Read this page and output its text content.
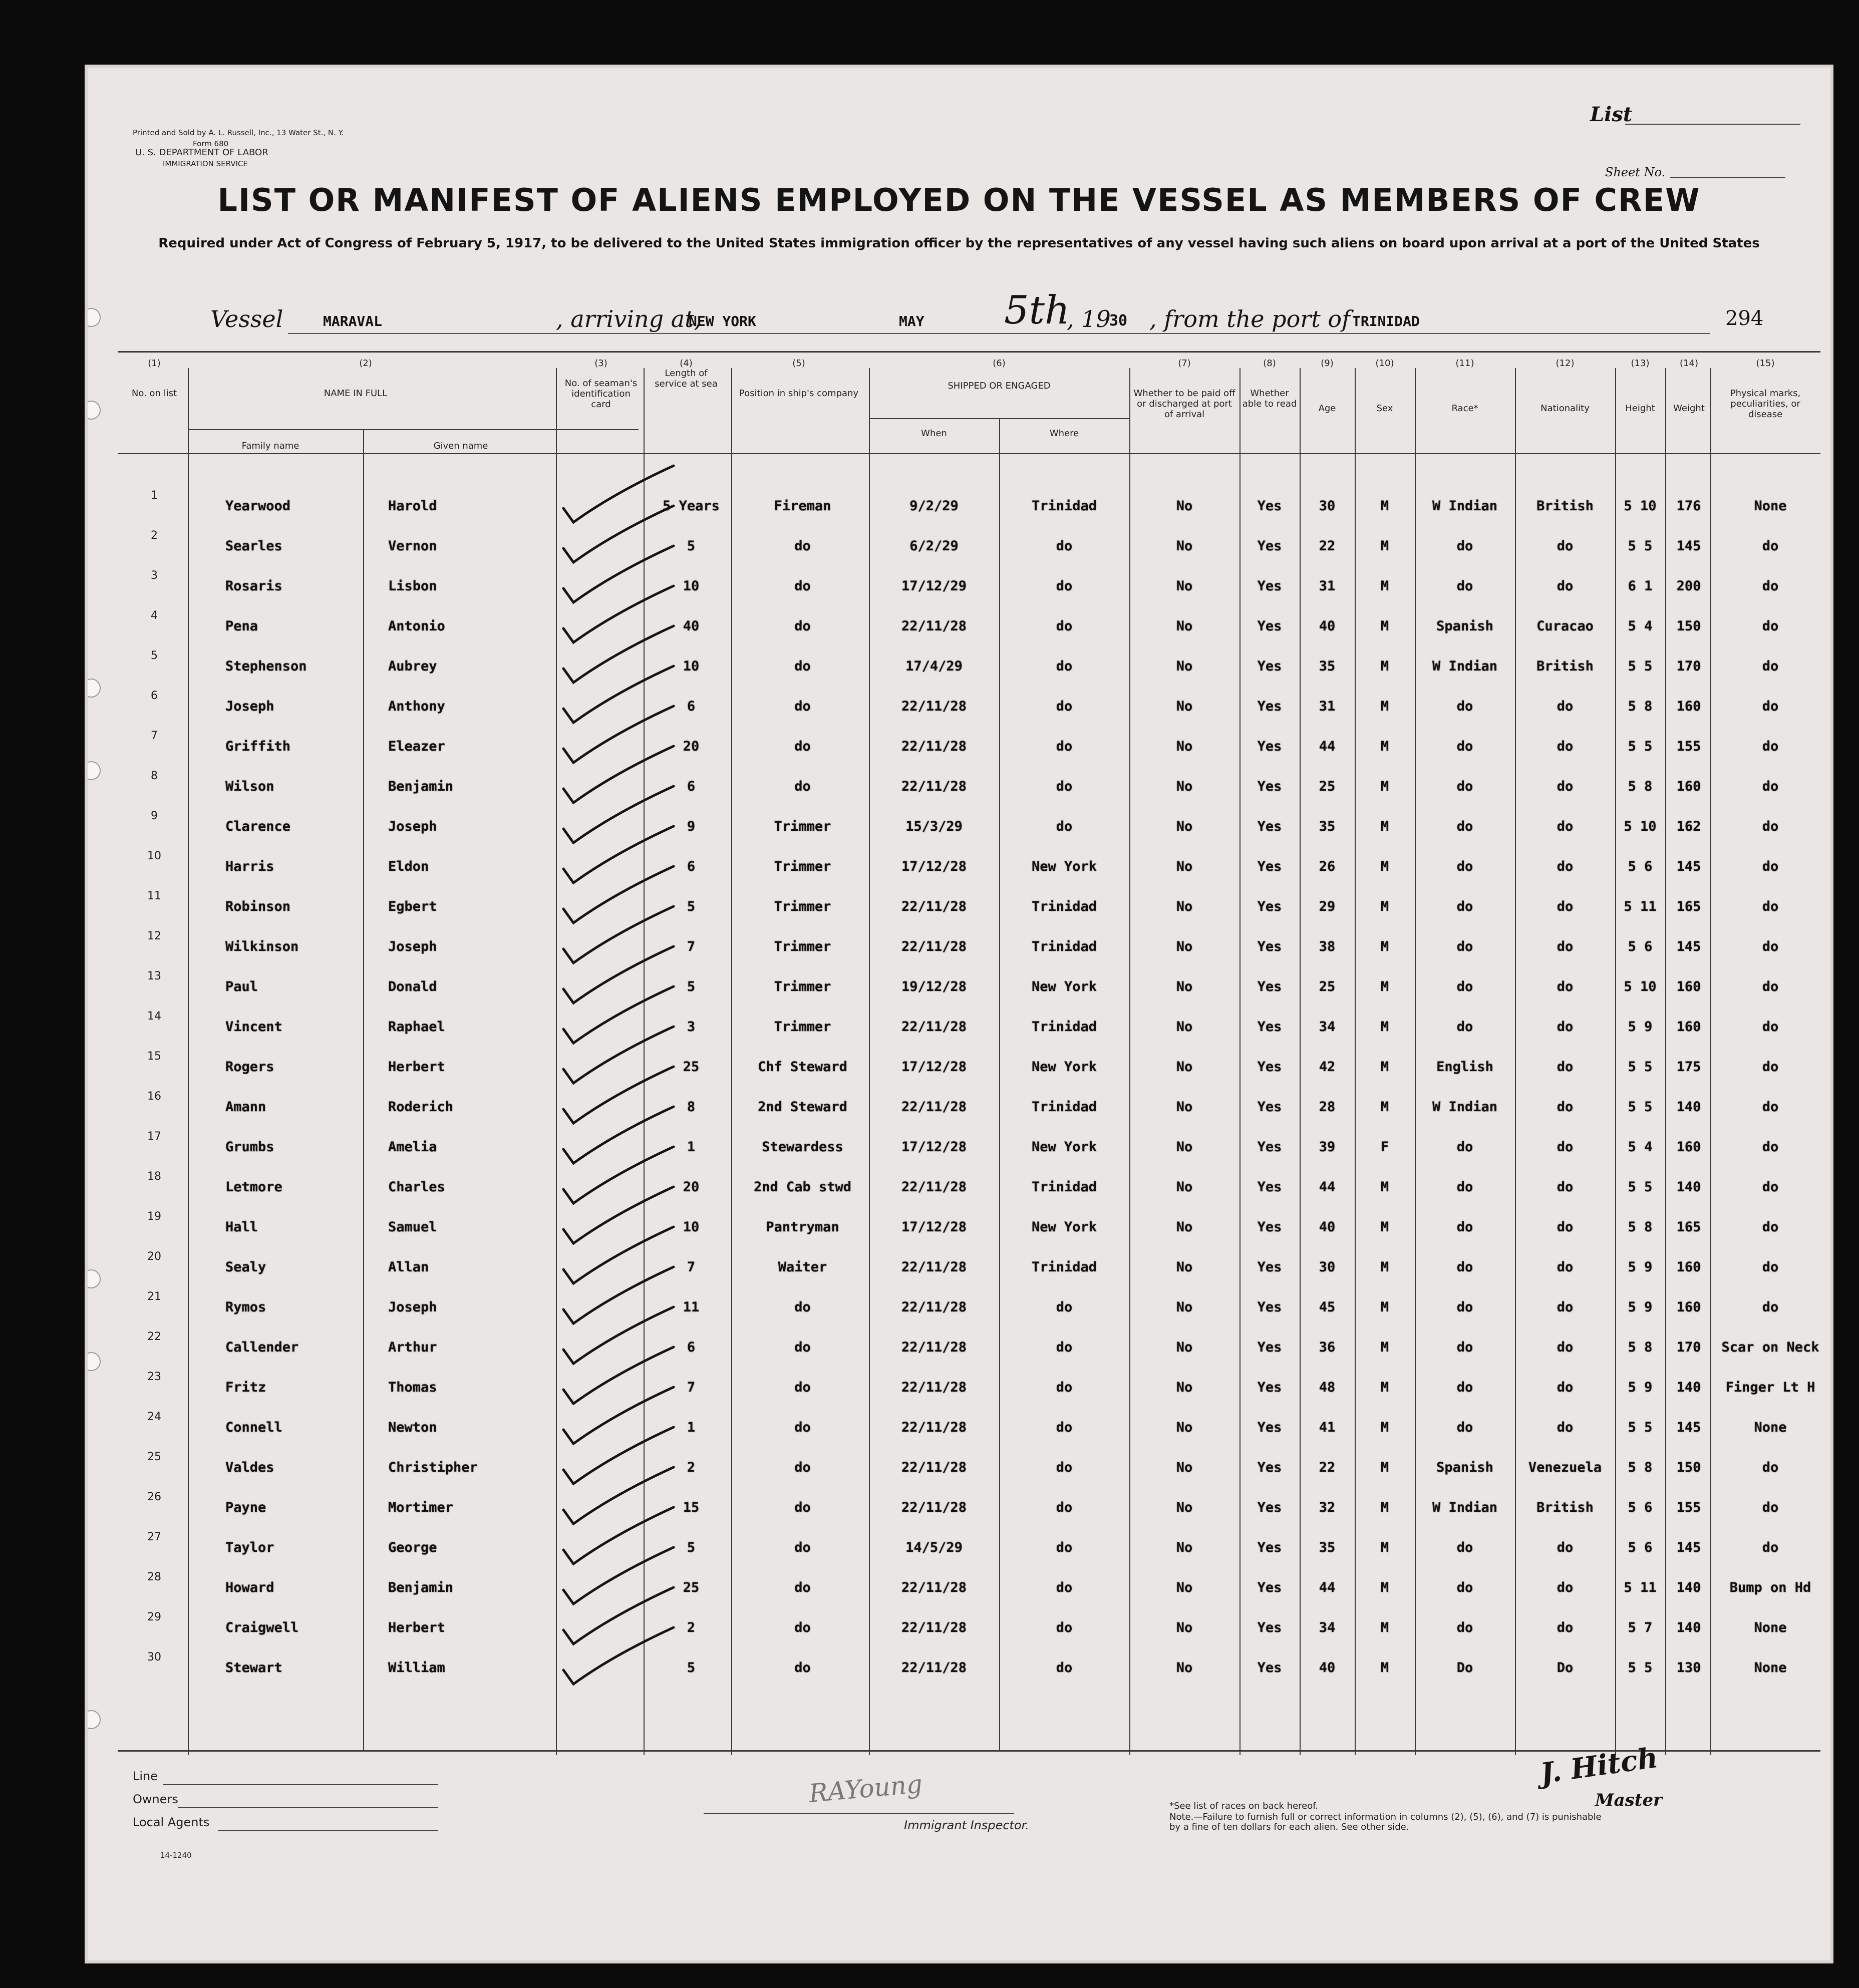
Printed and Sold by A. L. Russell, Inc., 13 Water St., N. Y.
Form 680
U. S. DEPARTMENT OF LABOR
IMMIGRATION SERVICE
List
Sheet No.
LIST OR MANIFEST OF ALIENS EMPLOYED ON THE VESSEL AS MEMBERS OF CREW
Required under Act of Congress of February 5, 1917, to be delivered to the United States immigration officer by the representatives of any vessel having such aliens on board upon arrival at a port of the United States
Vessel	MARAVAL	, arriving at,
NEW YORK	MAY 5th
, 19
30 , from the port of TRINIDAD	294
No. on list	NAME IN FULL
Family name	Given name
No. of seaman's identification card
Length of service at sea
Position in ship's company
SHIPPED OR ENGAGED
When	Where
Whether to be paid off or discharged at port of arrival
Whether able to read	Age	Sex	Race*	Nationality	Height	Weight
Physical marks, peculiarities, or disease
(1)	(2)	(3)	(4)	(5)	(6)	(7)	(8)	(9)	(10)	(11)	(12)	(13)	(14)	(15)
1
Yearwood	Harold	5 Years	Fireman	9/2/29	Trinidad	No	Yes	30	M	W Indian	British	5 10	176	None
2
Searles	Vernon	5	do	6/2/29	do	No	Yes	22	M	do	do	5 5	145	do
3
Rosaris	Lisbon	10	do	17/12/29	do	No	Yes	31	M	do	do	6 1	200	do
4
Pena	Antonio	40	do	22/11/28	do	No	Yes	40	M	Spanish	Curacao	5 4	150	do
5
Stephenson	Aubrey	10	do	17/4/29	do	No	Yes	35	M	W Indian	British	5 5	170	do
6
Joseph	Anthony	6	do	22/11/28	do	No	Yes	31	M	do	do	5 8	160	do
7
Griffith	Eleazer	20	do	22/11/28	do	No	Yes	44	M	do	do	5 5	155	do
8
Wilson	Benjamin	6	do	22/11/28	do	No	Yes	25	M	do	do	5 8	160	do
9
Clarence	Joseph	9	Trimmer	15/3/29	do	No	Yes	35	M	do	do	5 10	162	do
10
Harris	Eldon	6	Trimmer	17/12/28	New York	No	Yes	26	M	do	do	5 6	145	do
11
Robinson	Egbert	5	Trimmer	22/11/28	Trinidad	No	Yes	29	M	do	do	5 11	165	do
12
Wilkinson	Joseph	7	Trimmer	22/11/28	Trinidad	No	Yes	38	M	do	do	5 6	145	do
13
Paul	Donald	5	Trimmer	19/12/28	New York	No	Yes	25	M	do	do	5 10	160	do
14
Vincent	Raphael	3	Trimmer	22/11/28	Trinidad	No	Yes	34	M	do	do	5 9	160	do
15
Rogers	Herbert	25	Chf Steward	17/12/28	New York	No	Yes	42	M	English	do	5 5	175	do
16
Amann	Roderich	8	2nd Steward	22/11/28	Trinidad	No	Yes	28	M	W Indian	do	5 5	140	do
17
Grumbs	Amelia	1	Stewardess	17/12/28	New York	No	Yes	39	F	do	do	5 4	160	do
18
Letmore	Charles	20	2nd Cab stwd	22/11/28	Trinidad	No	Yes	44	M	do	do	5 5	140	do
19
Hall	Samuel	10	Pantryman	17/12/28	New York	No	Yes	40	M	do	do	5 8	165	do
20
Sealy	Allan	7	Waiter	22/11/28	Trinidad	No	Yes	30	M	do	do	5 9	160	do
21
Rymos	Joseph	11	do	22/11/28	do	No	Yes	45	M	do	do	5 9	160	do
22
Callender	Arthur	6	do	22/11/28	do	No	Yes	36	M	do	do	5 8	170	Scar on Neck
23
Fritz	Thomas	7	do	22/11/28	do	No	Yes	48	M	do	do	5 9	140	Finger Lt H
24
Connell	Newton	1	do	22/11/28	do	No	Yes	41	M	do	do	5 5	145	None
25
Valdes	Christipher	2	do	22/11/28	do	No	Yes	22	M	Spanish	Venezuela	5 8	150	do
26
Payne	Mortimer	15	do	22/11/28	do	No	Yes	32	M	W Indian	British	5 6	155	do
27
Taylor	George	5	do	14/5/29	do	No	Yes	35	M	do	do	5 6	145	do
28
Howard	Benjamin	25	do	22/11/28	do	No	Yes	44	M	do	do	5 11	140	Bump on Hd
29
Craigwell	Herbert	2	do	22/11/28	do	No	Yes	34	M	do	do	5 7	140	None
30
Stewart	William	5	do	22/11/28	do	No	Yes	40	M	Do	Do	5 5	130	None
Line
Owners
Local Agents
14-1240
RAYoung
Immigrant Inspector.
*See list of races on back hereof.
Note.—Failure to furnish full or correct information in columns (2), (5), (6), and (7) is punishable by a fine of ten dollars for each alien. See other side.
J. Hitch
Master
